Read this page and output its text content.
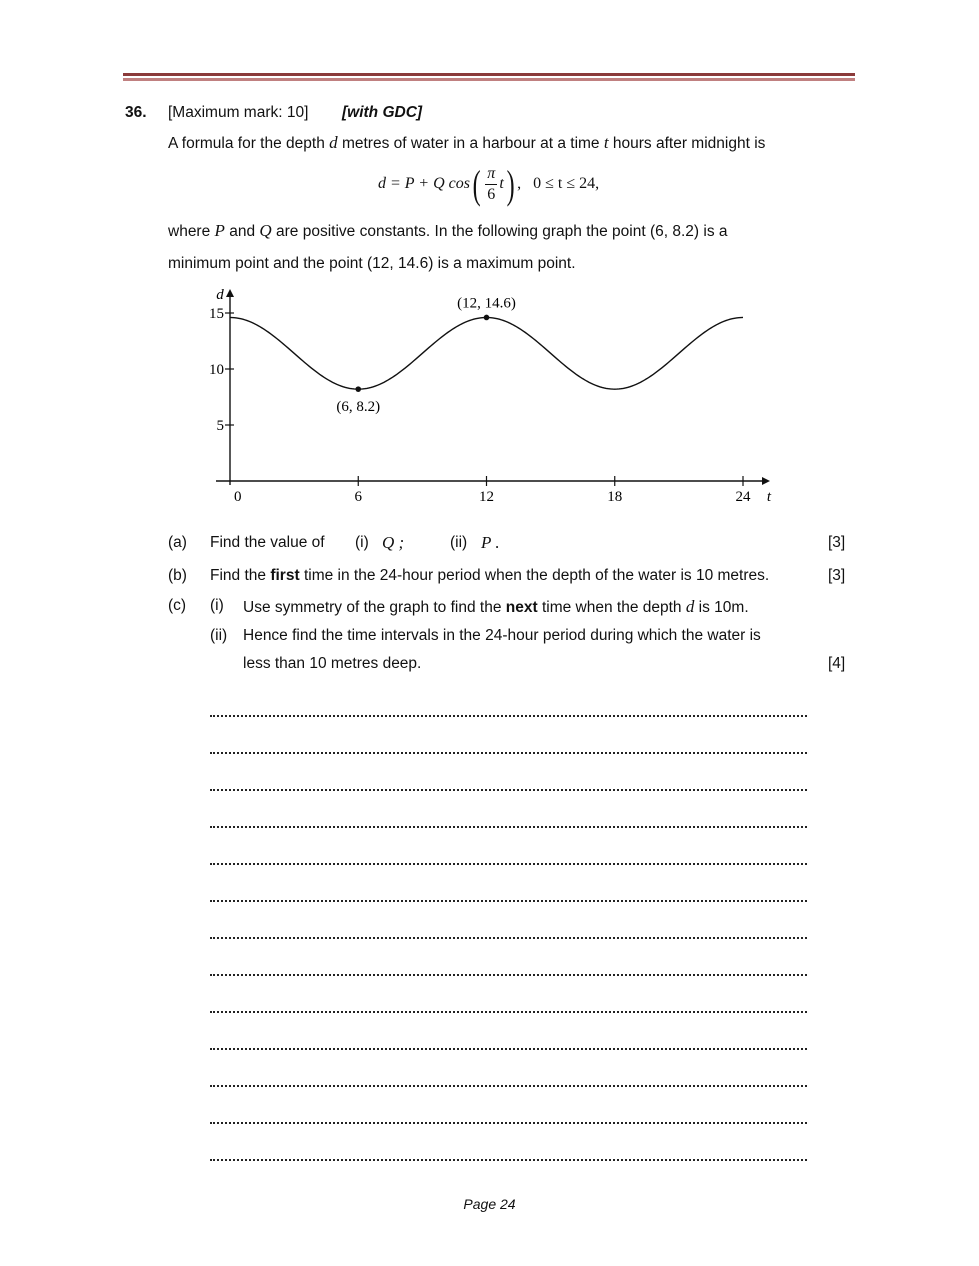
36. [Maximum mark: 10] [with GDC]
A formula for the depth d metres of water in a harbour at a time t hours after midnight is
d = P + Q cos ( $\frac{\pi}{6}$ t ) ,   0 ≤ t ≤ 24,
where P and Q are positive constants. In the following graph the point (6, 8.2) is a
minimum point and the point (12, 14.6) is a maximum point.
0	6	12	18	24
5
10
15
d
t
(6, 8.2)
(12, 14.6)
(a) Find the value of (i) Q ;	(ii) P .	[3]
(b) Find the first time in the 24-hour period when the depth of the water is 10 metres.	[3]
(c) (i) Use symmetry of the graph to find the next time when the depth d is 10m.
(ii) Hence find the time intervals in the 24-hour period during which the water is
less than 10 metres deep.	[4]
Page 24
